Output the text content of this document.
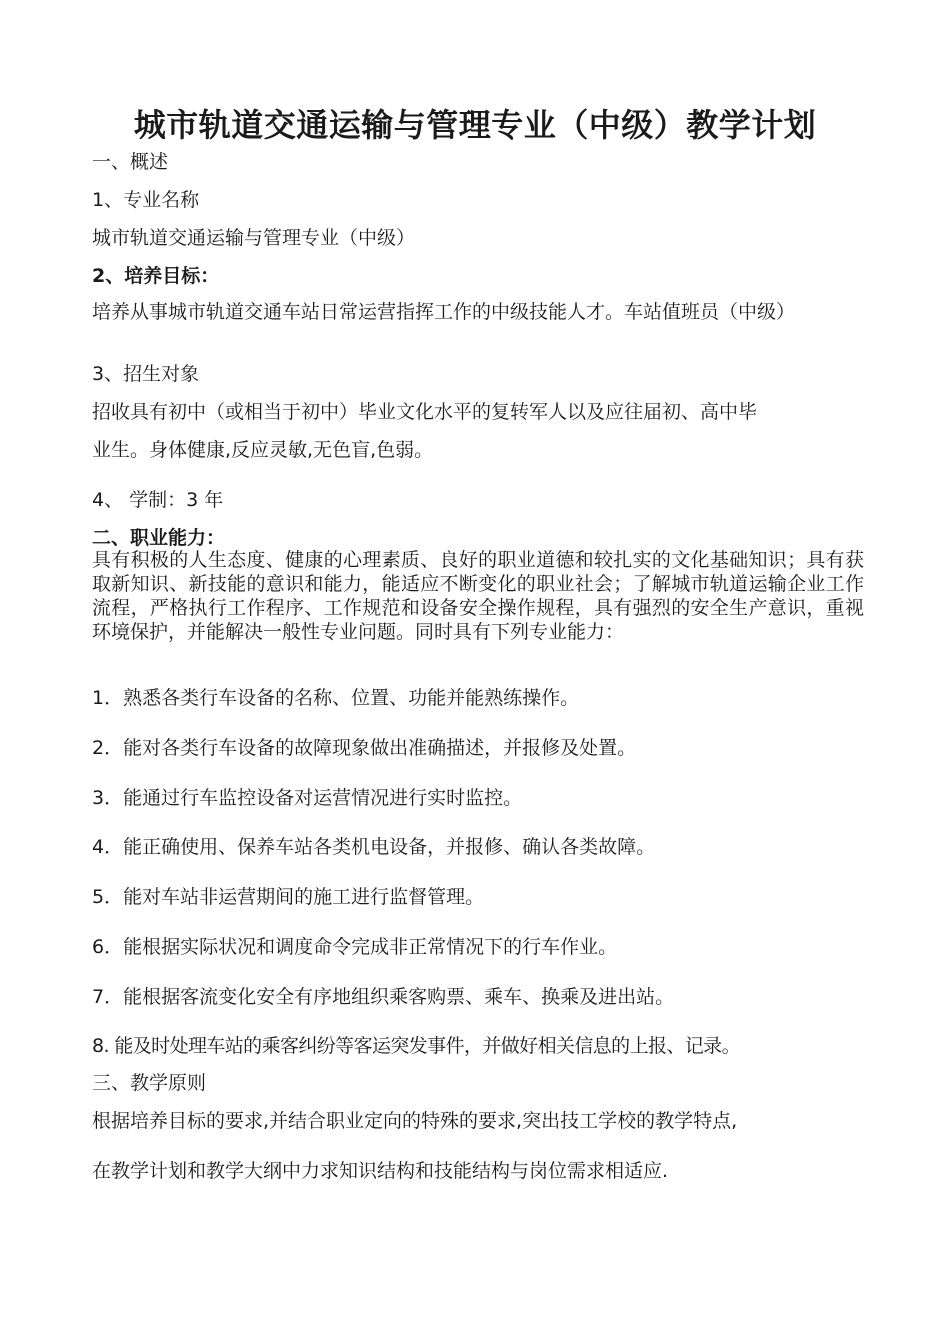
城市轨道交通运输与管理专业（中级）教学计划
一、概述
1、专业名称
城市轨道交通运输与管理专业（中级）
2、培养目标：
培养从事城市轨道交通车站日常运营指挥工作的中级技能人才。车站值班员（中级）
3、招生对象
招收具有初中（或相当于初中）毕业文化水平的复转军人以及应往届初、高中毕
业生。身体健康,反应灵敏,无色盲,色弱。
4、 学制：3 年
二、职业能力：
具有积极的人生态度、健康的心理素质、良好的职业道德和较扎实的文化基础知识；具有获取新知识、新技能的意识和能力，能适应不断变化的职业社会；了解城市轨道运输企业工作流程，严格执行工作程序、工作规范和设备安全操作规程，具有强烈的安全生产意识，重视环境保护，并能解决一般性专业问题。同时具有下列专业能力：
1．熟悉各类行车设备的名称、位置、功能并能熟练操作。
2．能对各类行车设备的故障现象做出准确描述，并报修及处置。
3．能通过行车监控设备对运营情况进行实时监控。
4．能正确使用、保养车站各类机电设备，并报修、确认各类故障。
5．能对车站非运营期间的施工进行监督管理。
6．能根据实际状况和调度命令完成非正常情况下的行车作业。
7．能根据客流变化安全有序地组织乘客购票、乘车、换乘及进出站。
8. 能及时处理车站的乘客纠纷等客运突发事件，并做好相关信息的上报、记录。
三、教学原则
根据培养目标的要求,并结合职业定向的特殊的要求,突出技工学校的教学特点,
在教学计划和教学大纲中力求知识结构和技能结构与岗位需求相适应.
